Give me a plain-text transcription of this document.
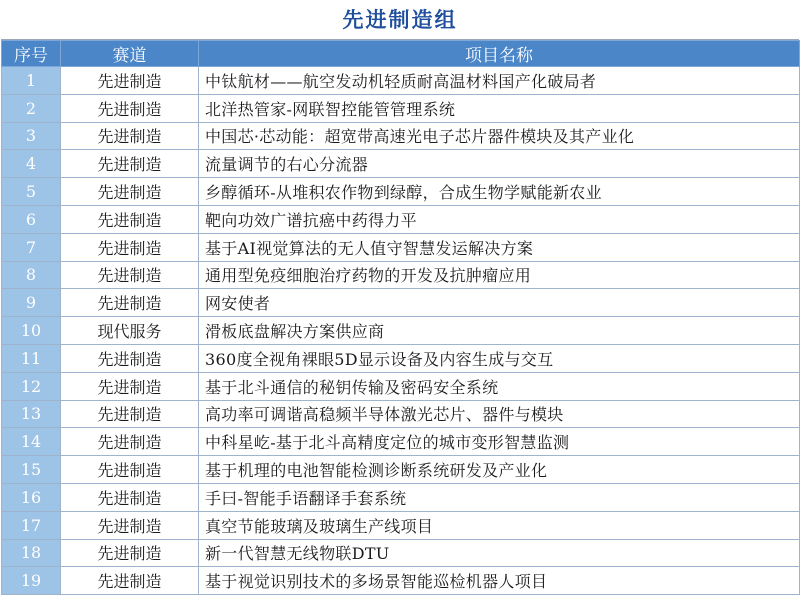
先进制造组
序号	赛道	项目名称
1	先进制造	中钛航材——航空发动机轻质耐高温材料国产化破局者
2	先进制造	北洋热管家-网联智控能管管理系统
3	先进制造	中国芯·芯动能：超宽带高速光电子芯片器件模块及其产业化
4	先进制造	流量调节的右心分流器
5	先进制造	乡醇循环-从堆积农作物到绿醇，合成生物学赋能新农业
6	先进制造	靶向功效广谱抗癌中药得力平
7	先进制造	基于AI视觉算法的无人值守智慧发运解决方案
8	先进制造	通用型免疫细胞治疗药物的开发及抗肿瘤应用
9	先进制造	网安使者
10	现代服务	滑板底盘解决方案供应商
11	先进制造	360度全视角裸眼5D显示设备及内容生成与交互
12	先进制造	基于北斗通信的秘钥传输及密码安全系统
13	先进制造	高功率可调谐高稳频半导体激光芯片、器件与模块
14	先进制造	中科星屹-基于北斗高精度定位的城市变形智慧监测
15	先进制造	基于机理的电池智能检测诊断系统研发及产业化
16	先进制造	手曰-智能手语翻译手套系统
17	先进制造	真空节能玻璃及玻璃生产线项目
18	先进制造	新一代智慧无线物联DTU
19	先进制造	基于视觉识别技术的多场景智能巡检机器人项目
